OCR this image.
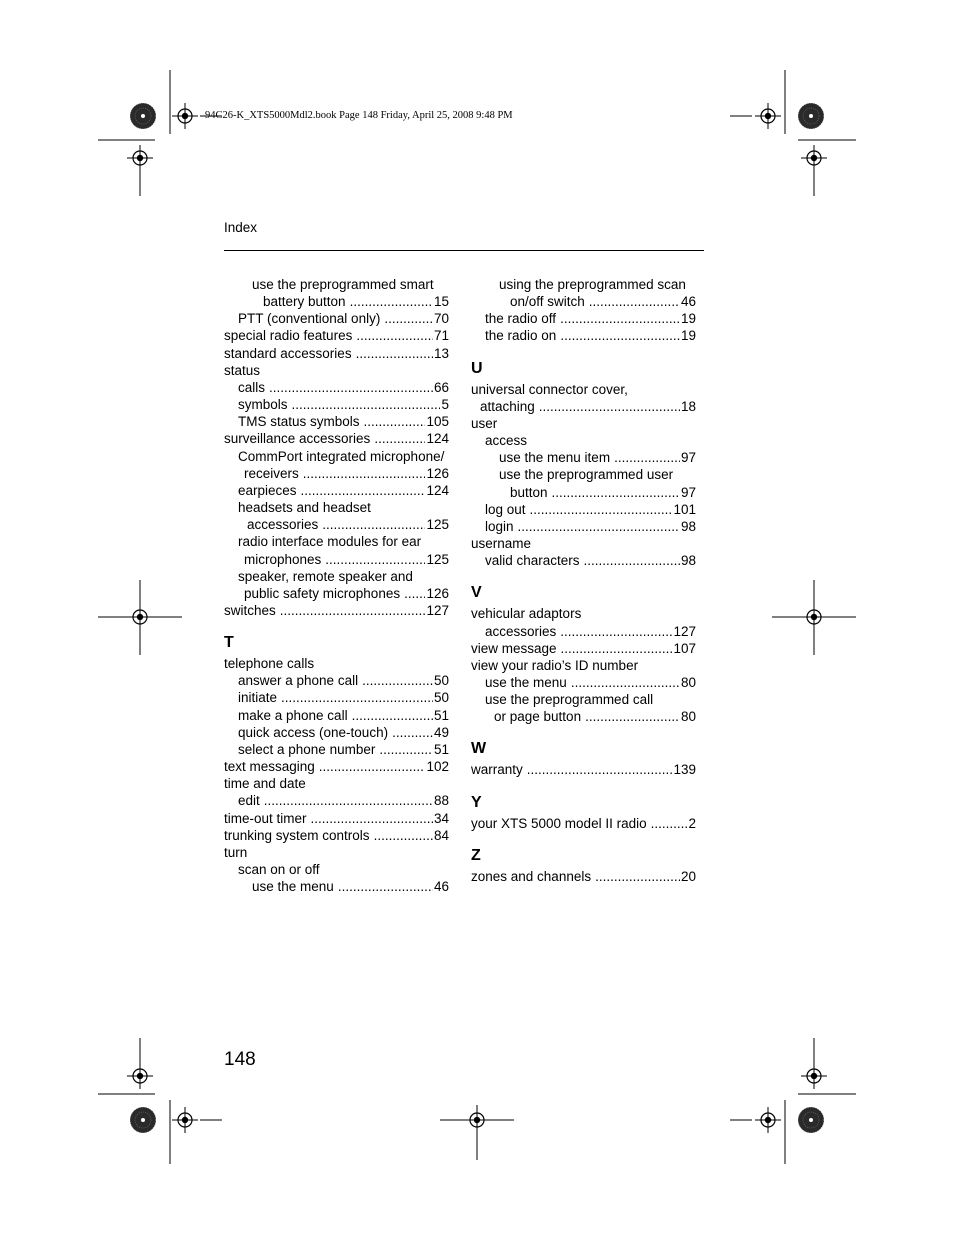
94C26-K_XTS5000Mdl2.book Page 148 Friday, April 25, 2008 9:48 PM
Index
use the preprogrammed smart
battery button .....	15
PTT (conventional only) .....	70
special radio features .....	71
standard accessories .....	13
status
calls .....	66
symbols .....	5
TMS status symbols .....	105
surveillance accessories .....	124
CommPort integrated microphone/
receivers .....	126
earpieces .....	124
headsets and headset
accessories .....	125
radio interface modules for ear
microphones .....	125
speaker, remote speaker and
public safety microphones ..... 126
switches .....	127
T
telephone calls
answer a phone call .....	50
initiate .....	50
make a phone call .....	51
quick access (one-touch) .....	49
select a phone number .....	51
text messaging .....	102
time and date
edit .....	88
time-out timer .....	34
trunking system controls .....	84
turn
scan on or off
use the menu .....	46
using the preprogrammed scan
on/off switch .....	46
the radio off .....	19
the radio on .....	19
U
universal connector cover,
attaching .....	18
user
access
use the menu item .....	97
use the preprogrammed user
button .....	97
log out .....	101
login .....	98
username
valid characters .....	98
V
vehicular adaptors
accessories .....	127
view message .....	107
view your radio’s ID number
use the menu .....	80
use the preprogrammed call
or page button .....	80
W
warranty .....	139
Y
your XTS 5000 model II radio .....	2
Z
zones and channels .....	20
148
